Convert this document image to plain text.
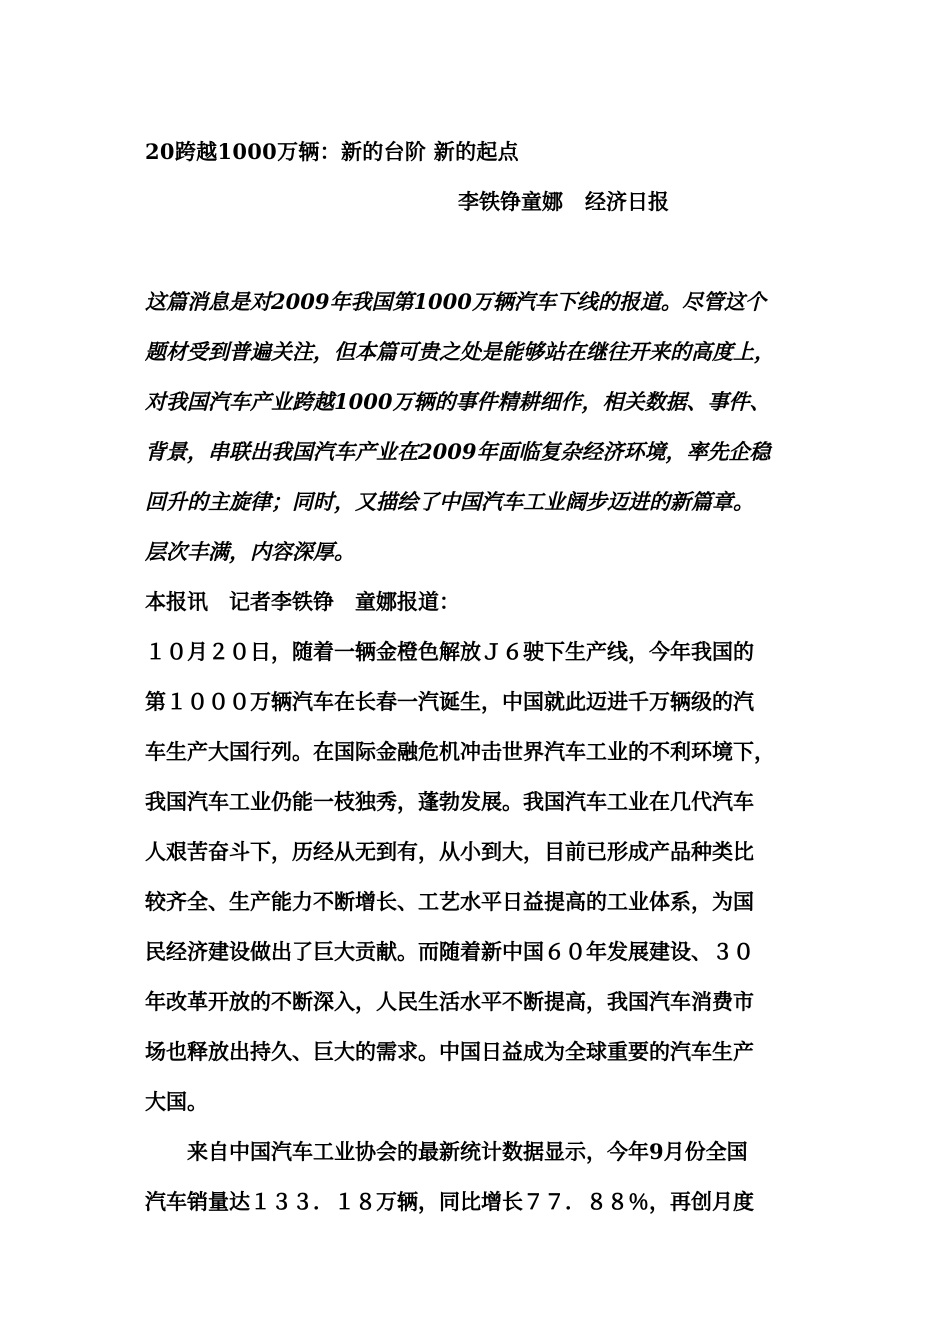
20跨越1000万辆：新的台阶 新的起点
李铁铮童娜 经济日报
这篇消息是对2009年我国第1000万辆汽车下线的报道。尽管这个
题材受到普遍关注，但本篇可贵之处是能够站在继往开来的高度上，
对我国汽车产业跨越1000万辆的事件精耕细作，相关数据、事件、
背景，串联出我国汽车产业在2009年面临复杂经济环境，率先企稳
回升的主旋律；同时，又描绘了中国汽车工业阔步迈进的新篇章。
层次丰满，内容深厚。
本报讯　记者李铁铮　童娜报道：
１０月２０日，随着一辆金橙色解放Ｊ６驶下生产线，今年我国的
第１０００万辆汽车在长春一汽诞生，中国就此迈进千万辆级的汽
车生产大国行列。在国际金融危机冲击世界汽车工业的不利环境下，
我国汽车工业仍能一枝独秀，蓬勃发展。我国汽车工业在几代汽车
人艰苦奋斗下，历经从无到有，从小到大，目前已形成产品种类比
较齐全、生产能力不断增长、工艺水平日益提高的工业体系，为国
民经济建设做出了巨大贡献。而随着新中国６０年发展建设、３０
年改革开放的不断深入，人民生活水平不断提高，我国汽车消费市
场也释放出持久、巨大的需求。中国日益成为全球重要的汽车生产
大国。
　　来自中国汽车工业协会的最新统计数据显示，今年9月份全国
汽车销量达１３３．１８万辆，同比增长７７．８８％，再创月度
